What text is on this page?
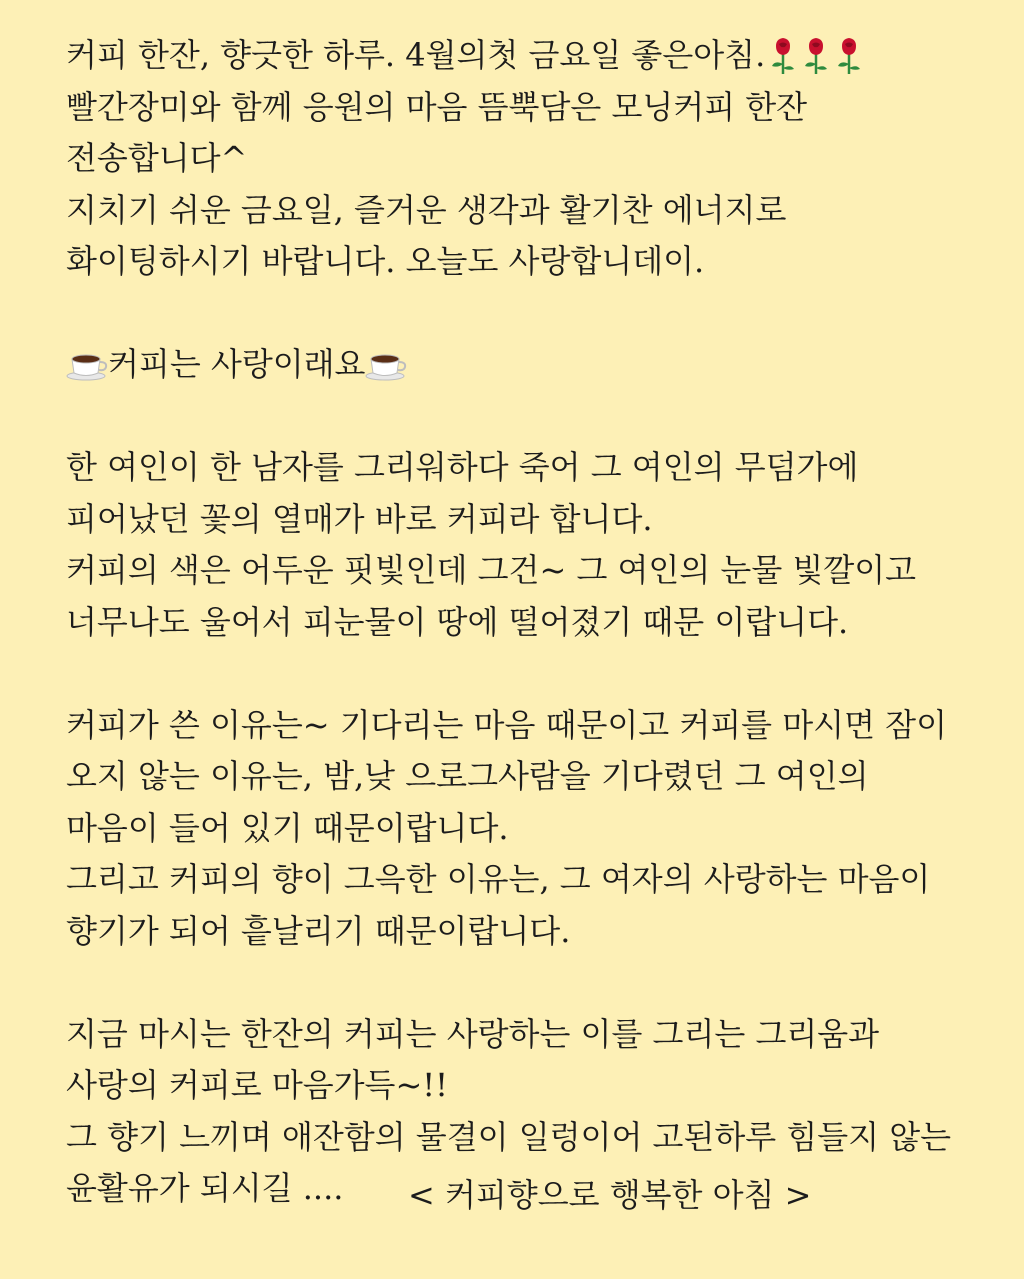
커피 한잔, 향긋한 하루. 4월의첫 금요일 좋은아침.
빨간장미와 함께 응원의 마음 뜸뿍담은 모닝커피 한잔
전송합니다^
지치기 쉬운 금요일, 즐거운 생각과 활기찬 에너지로
화이팅하시기 바랍니다. 오늘도 사랑합니데이.
커피는 사랑이래요
한 여인이 한 남자를 그리워하다 죽어 그 여인의 무덤가에
피어났던 꽃의 열매가 바로 커피라 합니다.
커피의 색은 어두운 핏빛인데 그건~ 그 여인의 눈물 빛깔이고
너무나도 울어서 피눈물이 땅에 떨어졌기 때문 이랍니다.
커피가 쓴 이유는~ 기다리는 마음 때문이고 커피를 마시면 잠이
오지 않는 이유는, 밤,낮 으로그사람을 기다렸던 그 여인의
마음이 들어 있기 때문이랍니다.
그리고 커피의 향이 그윽한 이유는, 그 여자의 사랑하는 마음이
향기가 되어 흩날리기 때문이랍니다.
지금 마시는 한잔의 커피는 사랑하는 이를 그리는 그리움과
사랑의 커피로 마음가득~!!
그 향기 느끼며 애잔함의 물결이 일렁이어 고된하루 힘들지 않는
윤활유가 되시길 ....	< 커피향으로 행복한 아침 >
